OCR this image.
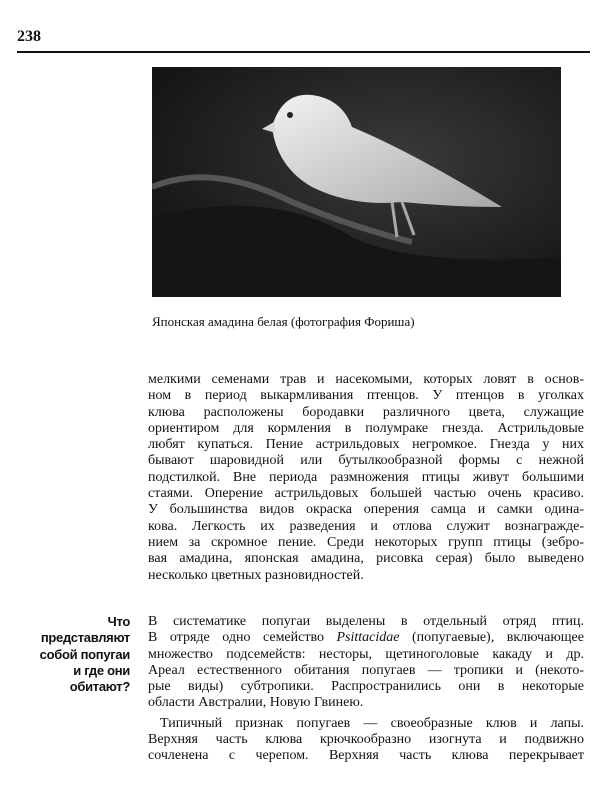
238
Японская амадина белая (фотография Фориша)
мелкими семенами трав и насекомыми, которых ловят в основ-
ном в период выкармливания птенцов. У птенцов в уголках
клюва расположены бородавки различного цвета, служащие
ориентиром для кормления в полумраке гнезда. Астрильдовые
любят купаться. Пение астрильдовых негромкое. Гнезда у них
бывают шаровидной или бутылкообразной формы с нежной
подстилкой. Вне периода размножения птицы живут большими
стаями. Оперение астрильдовых большей частью очень красиво.
У большинства видов окраска оперения самца и самки одина-
кова. Легкость их разведения и отлова служит вознагражде-
нием за скромное пение. Среди некоторых групп птицы (зебро-
вая амадина, японская амадина, рисовка серая) было выведено
несколько цветных разновидностей.
Что
представляют
собой попугаи
и где они
обитают?
В систематике попугаи выделены в отдельный отряд птиц.
В отряде одно семейство Psittacidae (попугаевые), включающее
множество подсемейств: несторы, щетиноголовые какаду и др.
Ареал естественного обитания попугаев — тропики и (некото-
рые виды) субтропики. Распространились они в некоторые
области Австралии, Новую Гвинею.
Типичный признак попугаев — своеобразные клюв и лапы.
Верхняя часть клюва крючкообразно изогнута и подвижно
сочленена с черепом. Верхняя часть клюва перекрывает
